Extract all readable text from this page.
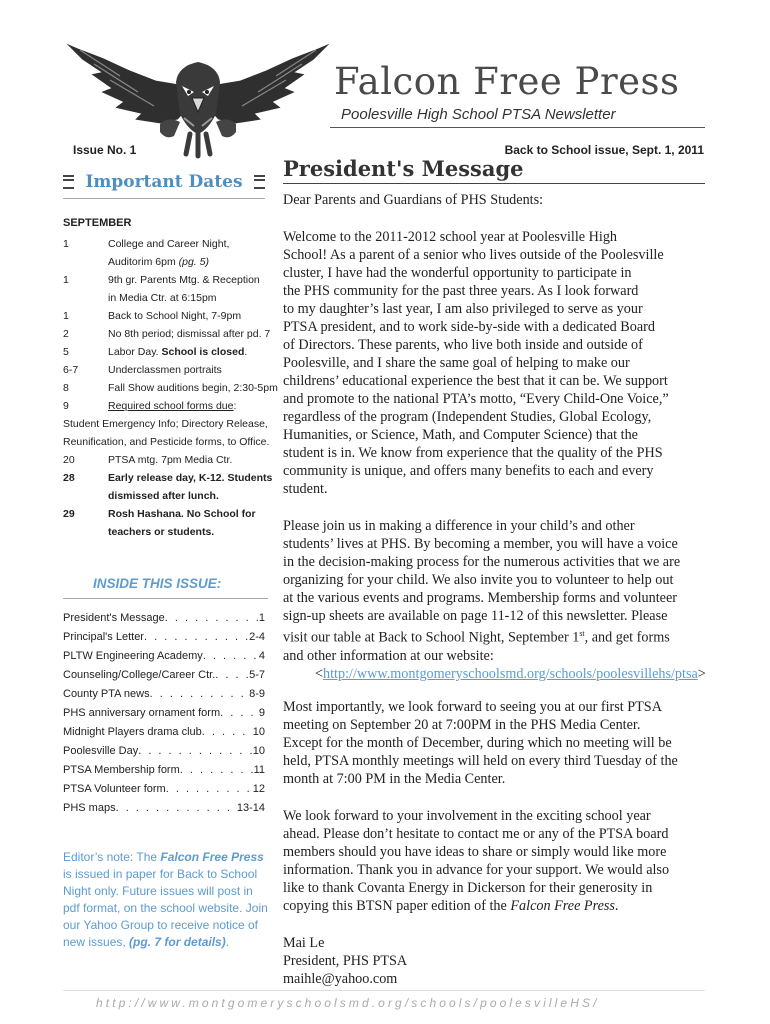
Falcon Free Press
Poolesville High School PTSA Newsletter
Issue No. 1	Back to School issue, Sept. 1, 2011
Important Dates
SEPTEMBER
1	College and Career Night,
Auditorim 6pm (pg. 5)
1	9th gr. Parents Mtg. & Reception
in Media Ctr. at 6:15pm
1	Back to School Night, 7-9pm
2	No 8th period; dismissal after pd. 7
5	Labor Day. School is closed.
6-7	Underclassmen portraits
8	Fall Show auditions begin, 2:30-5pm
9	Required school forms due:
Student Emergency Info; Directory Release,
Reunification, and Pesticide forms, to Office.
20	PTSA mtg. 7pm Media Ctr.
28	Early release day, K-12. Students
dismissed after lunch.
29	Rosh Hashana. No School for
teachers or students.
INSIDE THIS ISSUE:
President's Message . . .	1
Principal's Letter . . .	2-4
PLTW Engineering Academy . . .	4
Counseling/College/Career Ctr. . . .	5-7
County PTA news . . .	8-9
PHS anniversary ornament form . . .	9
Midnight Players drama club . . .	10
Poolesville Day . . .	10
PTSA Membership form . . .	11
PTSA Volunteer form . . .	12
PHS maps . . .	13-14
Editor’s note: The Falcon Free Press is issued in paper for Back to School Night only. Future issues will post in pdf format, on the school website. Join our Yahoo Group to receive notice of new issues, (pg. 7 for details).
President's Message
Dear Parents and Guardians of PHS Students:
Welcome to the 2011-2012 school year at Poolesville High
School! As a parent of a senior who lives outside of the Poolesville
cluster, I have had the wonderful opportunity to participate in
the PHS community for the past three years. As I look forward
to my daughter’s last year, I am also privileged to serve as your
PTSA president, and to work side-by-side with a dedicated Board
of Directors. These parents, who live both inside and outside of
Poolesville, and I share the same goal of helping to make our
childrens’ educational experience the best that it can be. We support
and promote to the national PTA’s motto, “Every Child-One Voice,”
regardless of the program (Independent Studies, Global Ecology,
Humanities, or Science, Math, and Computer Science) that the
student is in. We know from experience that the quality of the PHS
community is unique, and offers many benefits to each and every
student.
Please join us in making a difference in your child’s and other
students’ lives at PHS. By becoming a member, you will have a voice
in the decision-making process for the numerous activities that we are
organizing for your child. We also invite you to volunteer to help out
at the various events and programs. Membership forms and volunteer
sign-up sheets are available on page 11-12 of this newsletter. Please
visit our table at Back to School Night, September 1st, and get forms
and other information at our website:
<http://www.montgomeryschoolsmd.org/schools/poolesvillehs/ptsa>
Most importantly, we look forward to seeing you at our first PTSA
meeting on September 20 at 7:00PM in the PHS Media Center.
Except for the month of December, during which no meeting will be
held, PTSA monthly meetings will held on every third Tuesday of the
month at 7:00 PM in the Media Center.
We look forward to your involvement in the exciting school year
ahead. Please don’t hesitate to contact me or any of the PTSA board
members should you have ideas to share or simply would like more
information. Thank you in advance for your support. We would also
like to thank Covanta Energy in Dickerson for their generosity in
copying this BTSN paper edition of the Falcon Free Press.
Mai Le
President, PHS PTSA
maihle@yahoo.com
http://www.montgomeryschoolsmd.org/schools/poolesvilleHS/
